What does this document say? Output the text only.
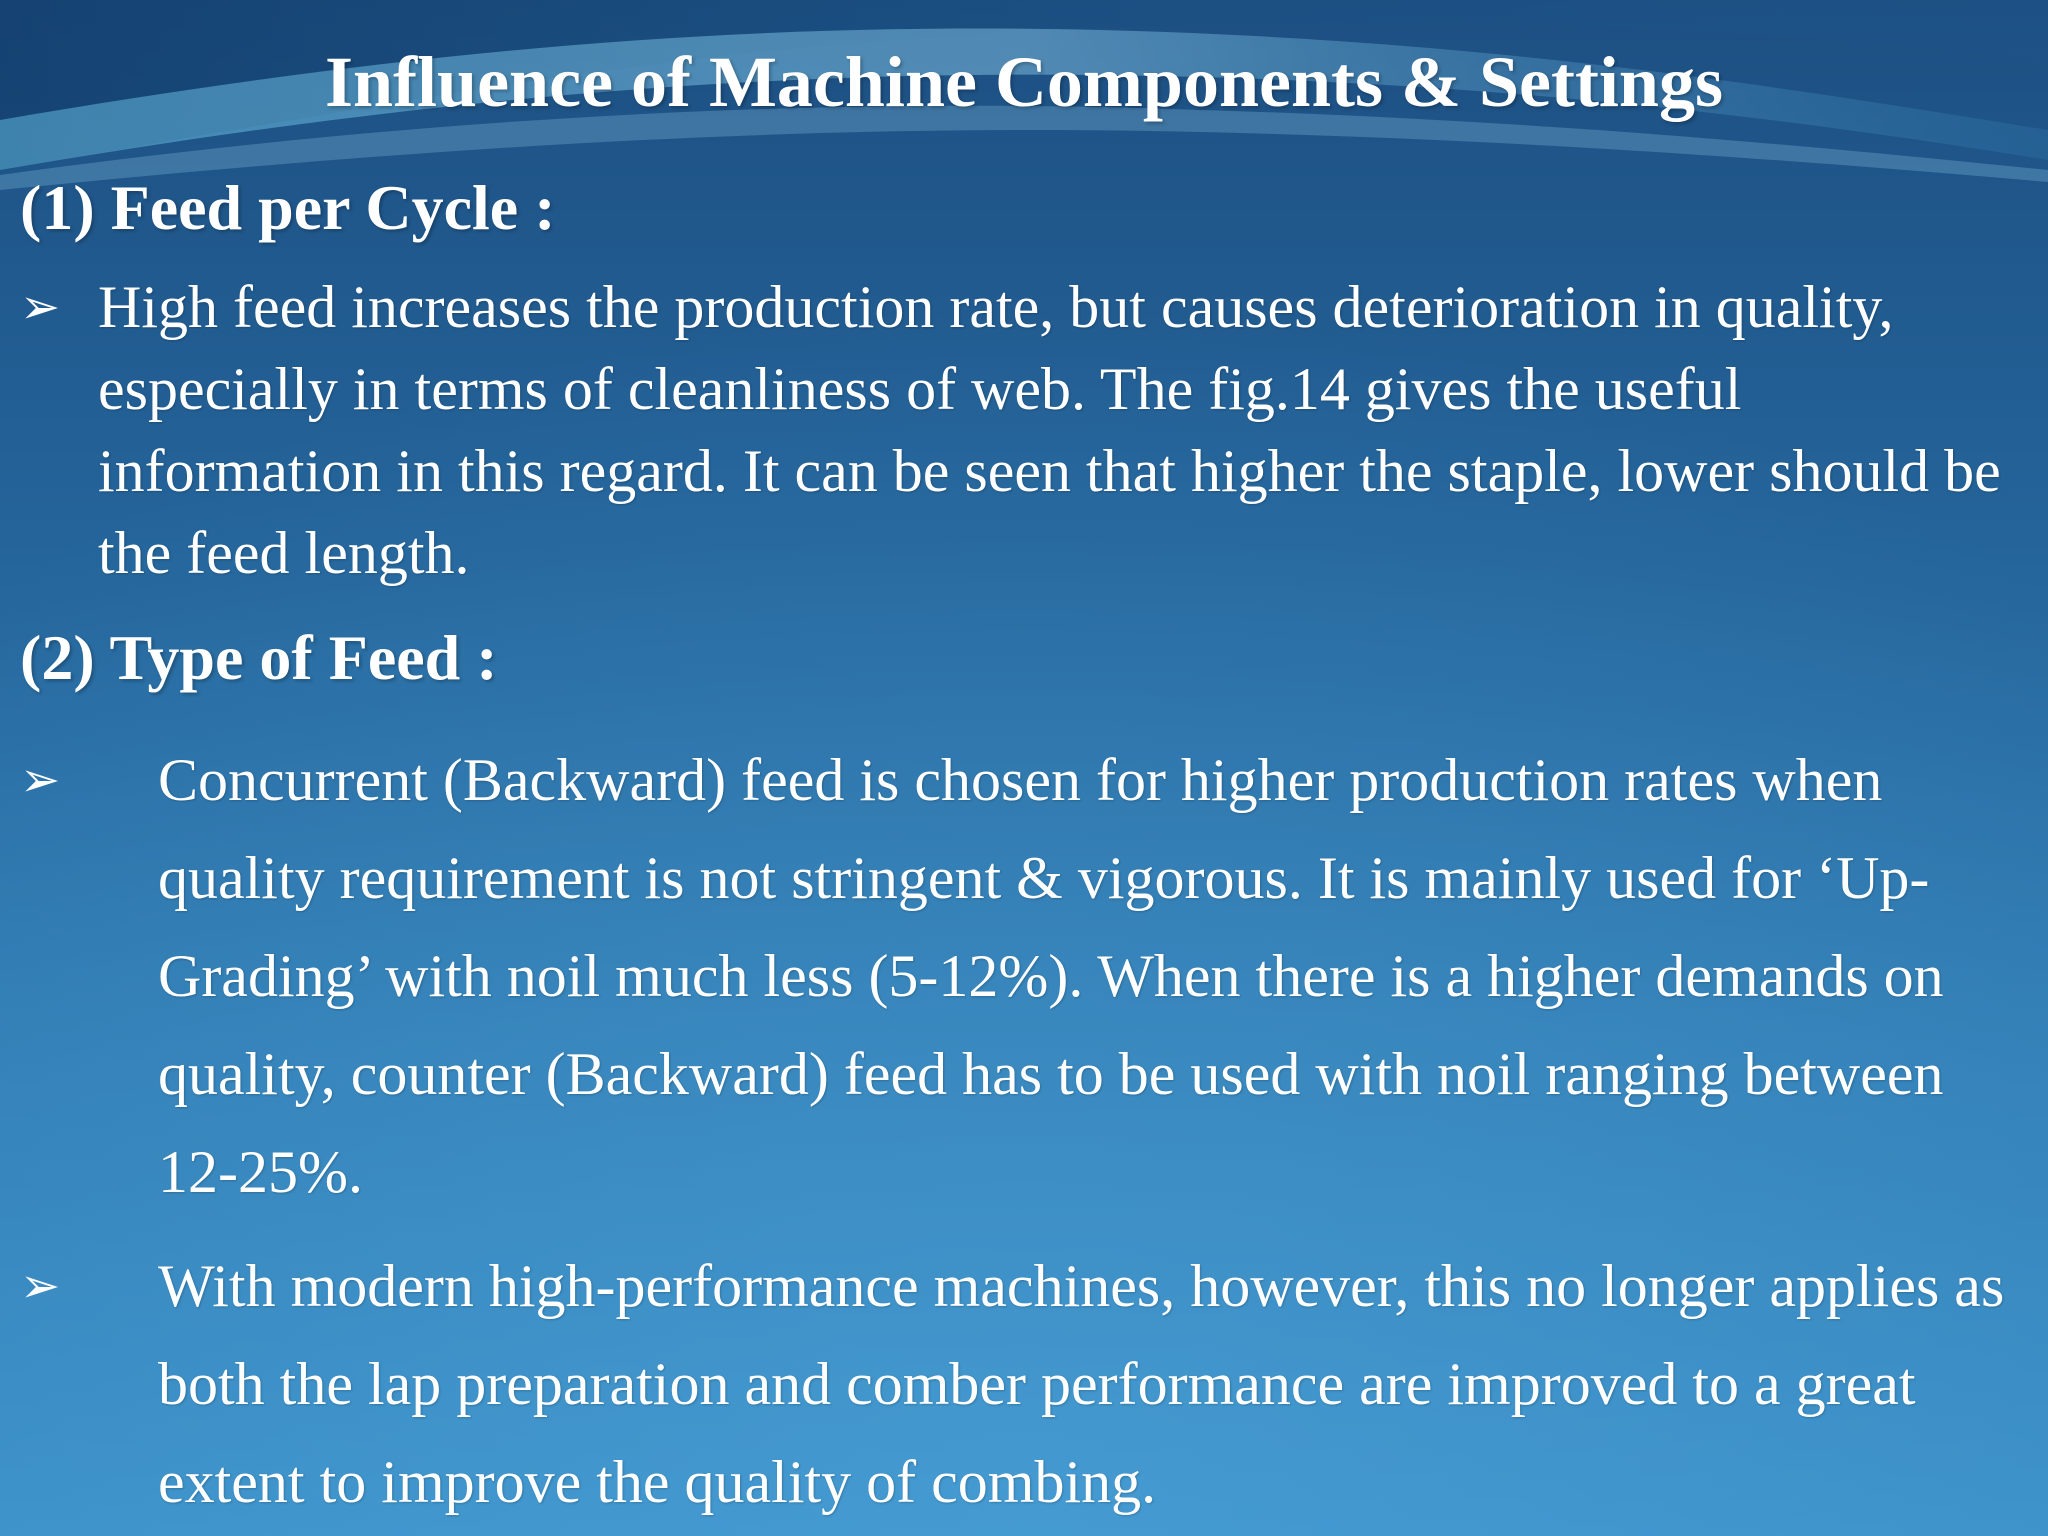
Influence of Machine Components & Settings
(1) Feed per Cycle :
➢ High feed increases the production rate, but causes deterioration in quality, especially in terms of cleanliness of web. The fig.14 gives the useful information in this regard. It can be seen that higher the staple, lower should be the feed length.
(2) Type of Feed :
➢	Concurrent (Backward) feed is chosen for higher production rates when quality requirement is not stringent & vigorous. It is mainly used for ‘Up-Grading’ with noil much less (5-12%). When there is a higher demands on quality, counter (Backward) feed has to be used with noil ranging between 12-25%.
➢	With modern high-performance machines, however, this no longer applies as both the lap preparation and comber performance are improved to a great extent to improve the quality of combing.
